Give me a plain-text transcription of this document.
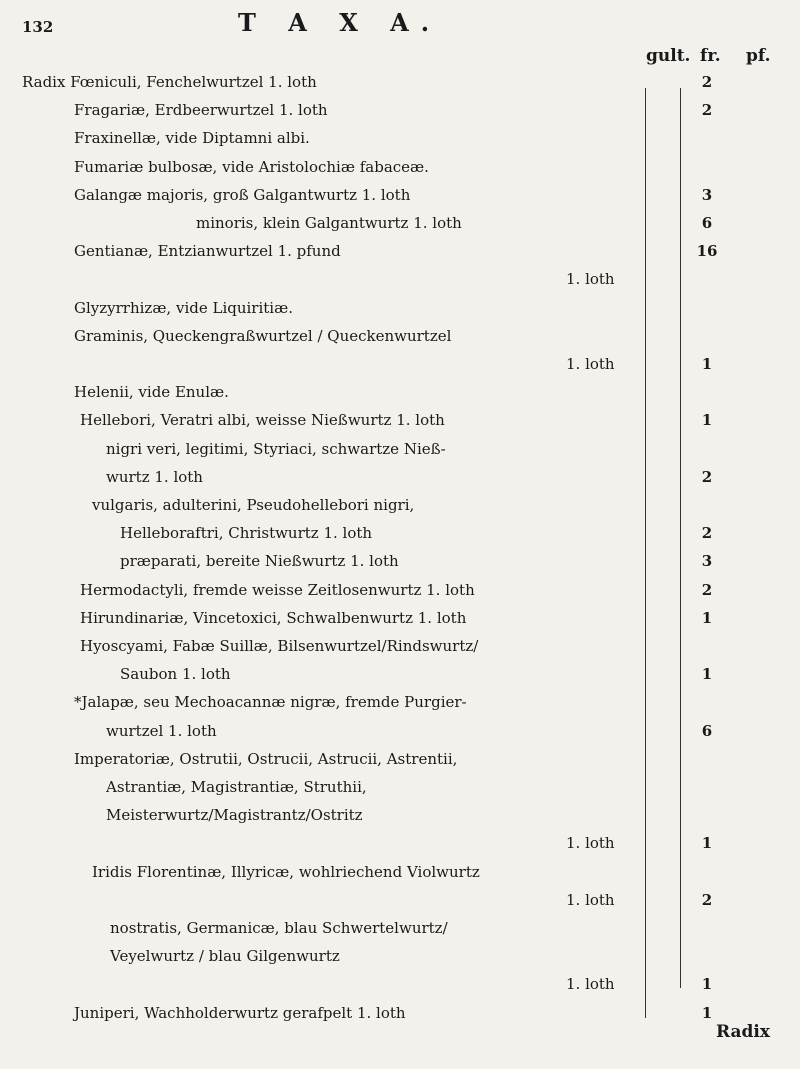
132	T A X A.
gult. fr. pf.
Radix Fœniculi, Fenchelwurtzel 1. loth	2
Fragariæ, Erdbeerwurtzel 1. loth	2
Fraxinellæ, vide Diptamni albi.
Fumariæ bulbosæ, vide Aristolochiæ fabaceæ.
Galangæ majoris, groß Galgantwurtz 1. loth	3
minoris, klein Galgantwurtz 1. loth	6
Gentianæ, Entzianwurtzel 1. pfund	16
1. loth
Glyzyrrhizæ, vide Liquiritiæ.
Graminis, Queckengraßwurtzel / Queckenwurtzel
1. loth	1
Helenii, vide Enulæ.
Hellebori, Veratri albi, weisse Nießwurtz 1. loth	1
nigri veri, legitimi, Styriaci, schwartze Nieß-
wurtz 1. loth	2
vulgaris, adulterini, Pseudohellebori nigri,
Helleboraftri, Christwurtz 1. loth	2
præparati, bereite Nießwurtz 1. loth	3
Hermodactyli, fremde weisse Zeitlosenwurtz 1. loth	2
Hirundinariæ, Vincetoxici, Schwalbenwurtz 1. loth	1
Hyoscyami, Fabæ Suillæ, Bilsenwurtzel/Rindswurtz/
Saubon 1. loth	1
*Jalapæ, seu Mechoacannæ nigræ, fremde Purgier-
wurtzel 1. loth	6
Imperatoriæ, Ostrutii, Ostrucii, Astrucii, Astrentii,
Astrantiæ, Magistrantiæ, Struthii,
Meisterwurtz/Magistrantz/Ostritz
1. loth	1
Iridis Florentinæ, Illyricæ, wohlriechend Violwurtz
1. loth	2
nostratis, Germanicæ, blau Schwertelwurtz/
Veyelwurtz / blau Gilgenwurtz
1. loth	1
Juniperi, Wachholderwurtz gerafpelt 1. loth	1
Radix
